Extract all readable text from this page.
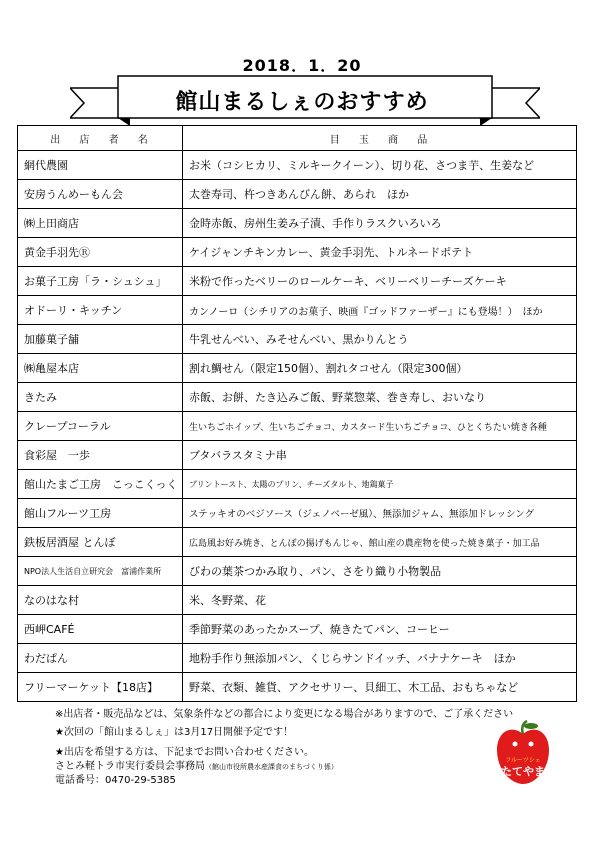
2018．1．20
館山まるしぇのおすすめ
出 店 者 名	目 玉 商 品
網代農園	お米（コシヒカリ、ミルキークイーン）、切り花、さつま芋、生姜など
安房うんめーもん会	太巻寿司、杵つきあんびん餅、あられ　ほか
㈱上田商店	金時赤飯、房州生姜み子漬、手作りラスクいろいろ
黄金手羽先Ⓡ	ケイジャンチキンカレー、黄金手羽先、トルネードポテト
お菓子工房「ラ・シュシュ」	米粉で作ったベリーのロールケーキ、ベリーベリーチーズケーキ
オドーリ・キッチン	カンノーロ（シチリアのお菓子、映画『ゴッドファーザー』にも登場！）　ほか
加藤菓子舗	牛乳せんべい、みそせんべい、黒かりんとう
㈱亀屋本店	割れ鯛せん（限定150個）、割れタコせん（限定300個）
きたみ	赤飯、お餅、たき込みご飯、野菜惣菜、巻き寿し、おいなり
クレープコーラル	生いちごホイップ、生いちごチョコ、カスタード生いちごチョコ、ひとくちたい焼き各種
食彩屋　一歩	ブタバラスタミナ串
館山たまご工房　こっこくっく	プリントースト、太陽のプリン、チーズタルト、地鶏菓子
館山フルーツ工房	ステッキオのベジソース（ジェノベーゼ風）、無添加ジャム、無添加ドレッシング
鉄板居酒屋 とんぼ	広島風お好み焼き、とんぼの揚げもんじゃ、館山産の農産物を使った焼き菓子・加工品
NPO法人生活自立研究会　富浦作業所	びわの葉茶つかみ取り、パン、さをり織り小物製品
なのはな村	米、冬野菜、花
西岬CAFÉ	季節野菜のあったかスープ、焼きたてパン、コーヒー
わだぱん	地粉手作り無添加パン、くじらサンドイッチ、バナナケーキ　ほか
フリーマーケット【18店】	野菜、衣類、雑貨、アクセサリー、貝細工、木工品、おもちゃなど
※出店者・販売品などは、気象条件などの都合により変更になる場合がありますので、ご了承ください
★次回の「館山まるしぇ」は3月17日開催予定です！
★出店を希望する方は、下記までお問い合わせください。
さとみ軽トラ市実行委員会事務局（館山市役所農水産課食のまちづくり係）
電話番号：0470-29-5385
フルーツシェ
たてやま
